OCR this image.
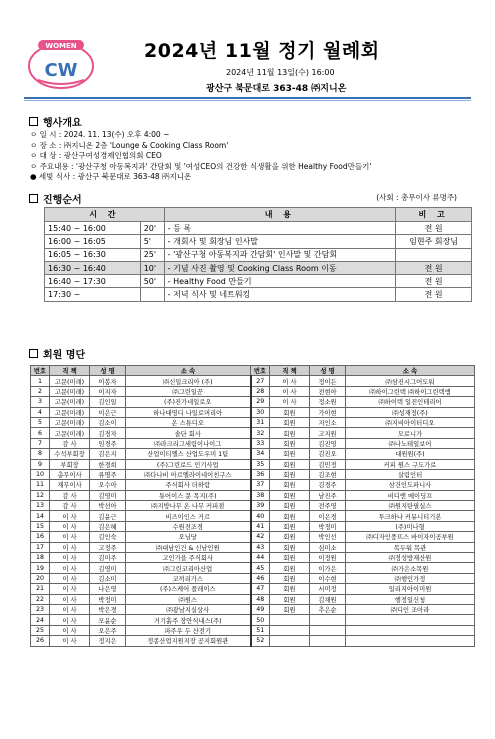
WOMEN
CW
2024년 11월 정기 월례회
2024년 11월 13일(수) 16:00
광산구 북문대로 363-48 ㈜지니온
행사개요
ㅇ 일 시 : 2024. 11. 13(수) 오후 4:00 ~
ㅇ 장 소 : ㈜지니온 2층 'Lounge & Cooking Class Room'
ㅇ 대 상 : 광산구여성경제인협의회 CEO
ㅇ 주요내용 : '광산구청 아동복지과' 간담회 및 '여성CEO의 건강한 식생활을 위한 Healthy Food만들기'
● 세빛 식사 : 광산구 북문대로 363-48 ㈜지니온
진행순서	(사회 : 총무이사 류명주)
시 간		내 용	비 고
15:40 ~ 16:00	20'	- 등 록	전 원
16:00 ~ 16:05	5'	- 개회사 및 회장님 인사말	임현주 회장님
16:05 ~ 16:30	25'	- '광산구청 아동복지과 간담회' 인사말 및 간담회	
16:30 ~ 16:40	10'	- 기념 사진 촬영 및 Cooking Class Room 이동	전 원
16:40 ~ 17:30	50'	- Healthy Food 만들기	전 원
17:30 ~		- 저녁 식사 및 네트워킹	전 원
회원 명단
번호	직 책	성 명	소 속	번호	직 책	성 명	소 속
1	고문(미래)	이봉자	㈜신일크리아 (주)	27	이 사	정이든	㈜삼진시그어도워
2	고문(미래)	이지자	㈜그린일꾼	28	이 사	전현아	㈜하이그린텍 ㈜하이그린텍엠
3	고문(미래)	김인일	(주)진가네일로오	29	이 사	정소원	㈜하이텍 일진인테리어
4	고문(미래)	이은근	하나대영디 나일로머리아	30	회원	가이현	㈜성재정(주)
5	고문(미래)	김소이	온 스튜디오	31	회원	지인소	㈜지비아이터디오
6	고문(미래)	김경자	솔단 회사	32	회원	고지원	모로니가
7	감 사	임경주	㈜라크리그세림이나이그	33	회원	김진영	㈜나노테일보어
8	수석부회장	김은지	산업이티엘스 산업도우미 1팀	34	회원	김진오	대원원(주)
9	부회장	한경희	(주)그린로드 인기사업	35	회원	김민정	커피 원스 구도가로
10	총무이사	류명주	㈜다나비 아르엘라이네이친구스	36	회원	김조현	살림인터
11	재무이사	오수아	주식회사 더하람	37	회원	김경주	삼건인도파니사
12	감 사	김영미	튜어이스 문 목지(주)	38	회원	남진주	비디엔 메이딩프
13	감 사	박선아	㈜지방나무 온 나무 커피점	39	회원	전주영	㈜원지탄필실스
14	이 사	김윤근	비즈이인스 거르	40	회원	이은경	투크하나 커뮤니티기본
15	이 사	김은혜	수원전조경	41	회원	박정미	(주)미나형
16	이 사	김인숙	오님당	42	회원	박인선	㈜디자인풍뜨스 바이자이공부원
17	이 사	고정주	㈜대남인건 & 신남인원	43	회원	심미소	목두워 목관
18	이 사	김미주	고인가을 주식회사	44	회원	이정원	㈜정성방재산원
19	이 사	김영미	㈜그린코리아산업	45	회원	이가은	㈜가은소목원
20	이 사	김소미	코끼리가스	46	회원	이수현	㈜행인가정
21	이 사	나은영	(주)스케어 플레이스	47	회원	서미정	일리지아이미원
22	이 사	박정미	㈜원스	48	회원	김채원	행정일신청
23	이 사	박은경	㈜광남지실상사	49	회원	추은순	㈜디인 조아라
24	이 사	모윤순	거기흙주 장안식내스(주)	50			
25	이 사	오은주	파주우 두 산전기	51			
26	이 사	정지은	정종산업지원지장 공지회원관	52			
